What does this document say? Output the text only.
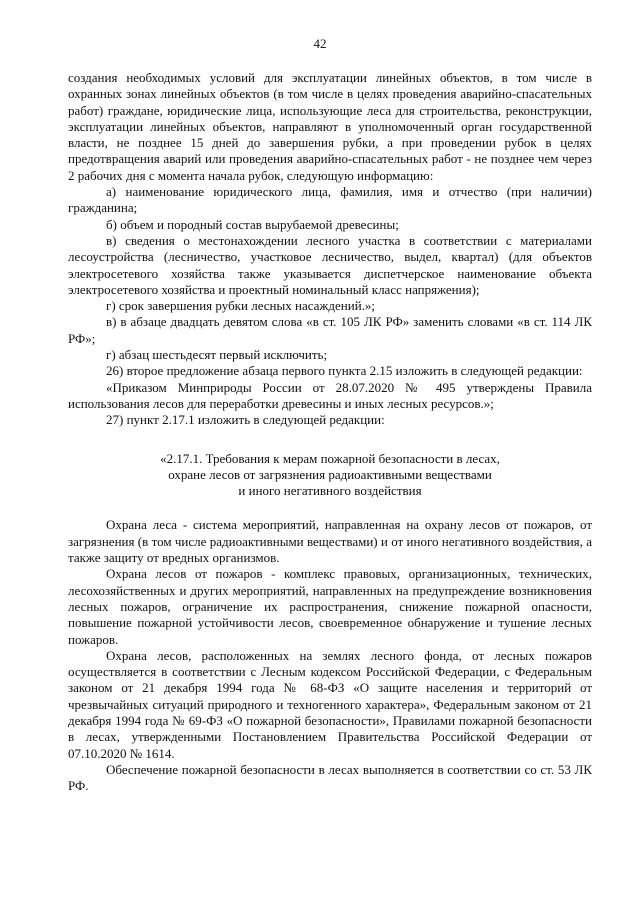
42

создания необходимых условий для эксплуатации линейных объектов, в том числе в охранных зонах линейных объектов (в том числе в целях проведения аварийно-спасательных работ) граждане, юридические лица, использующие леса для строительства, реконструкции, эксплуатации линейных объектов, направляют в уполномоченный орган государственной власти, не позднее 15 дней до завершения рубки, а при проведении рубок в целях предотвращения аварий или проведения аварийно-спасательных работ - не позднее чем через 2 рабочих дня с момента начала рубок, следующую информацию:

а) наименование юридического лица, фамилия, имя и отчество (при наличии) гражданина;

б) объем и породный состав вырубаемой древесины;

в) сведения о местонахождении лесного участка в соответствии с материалами лесоустройства (лесничество, участковое лесничество, выдел, квартал) (для объектов электросетевого хозяйства также указывается диспетчерское наименование объекта электросетевого хозяйства и проектный номинальный класс напряжения);

г) срок завершения рубки лесных насаждений.»;

в) в абзаце двадцать девятом слова «в ст. 105 ЛК РФ» заменить словами «в ст. 114 ЛК РФ»;

г) абзац шестьдесят первый исключить;

26) второе предложение абзаца первого пункта 2.15 изложить в следующей редакции:

«Приказом Минприроды России от 28.07.2020 № 495 утверждены Правила использования лесов для переработки древесины и иных лесных ресурсов.»;

27) пункт 2.17.1 изложить в следующей редакции:

«2.17.1. Требования к мерам пожарной безопасности в лесах,
охране лесов от загрязнения радиоактивными веществами
и иного негативного воздействия

Охрана леса - система мероприятий, направленная на охрану лесов от пожаров, от загрязнения (в том числе радиоактивными веществами) и от иного негативного воздействия, а также защиту от вредных организмов.

Охрана лесов от пожаров - комплекс правовых, организационных, технических, лесохозяйственных и других мероприятий, направленных на предупреждение возникновения лесных пожаров, ограничение их распространения, снижение пожарной опасности, повышение пожарной устойчивости лесов, своевременное обнаружение и тушение лесных пожаров.

Охрана лесов, расположенных на землях лесного фонда, от лесных пожаров осуществляется в соответствии с Лесным кодексом Российской Федерации, с Федеральным законом от 21 декабря 1994 года № 68-ФЗ «О защите населения и территорий от чрезвычайных ситуаций природного и техногенного характера», Федеральным законом от 21 декабря 1994 года № 69-ФЗ «О пожарной безопасности», Правилами пожарной безопасности в лесах, утвержденными Постановлением Правительства Российской Федерации от 07.10.2020 № 1614.

Обеспечение пожарной безопасности в лесах выполняется в соответствии со ст. 53 ЛК РФ.
